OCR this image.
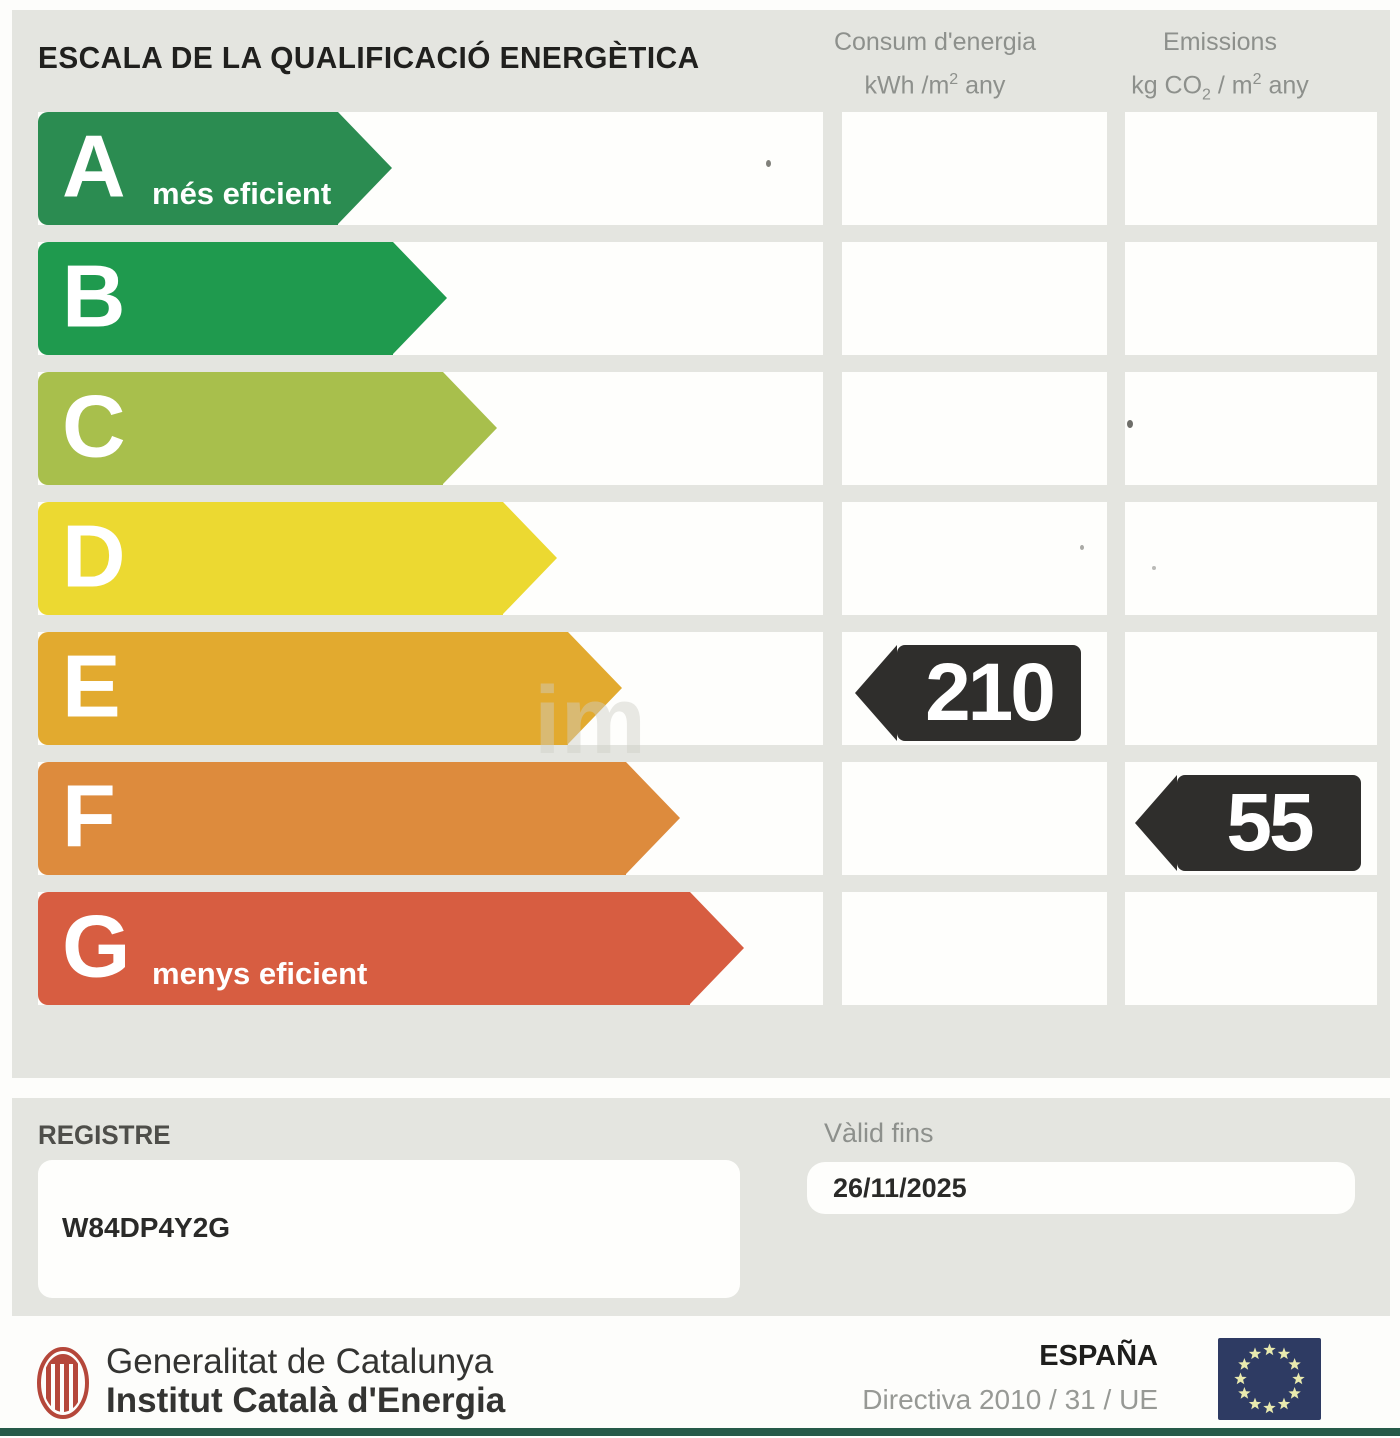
ESCALA DE LA QUALIFICACIÓ ENERGÈTICA	Consum d'energia
kWh $/m^2$ any
Emissions
kg $CO_2 / m^2$ any
A més eficient
B
C
D
E
F
G menys eficient
210
55
im
REGISTRE
W84DP4Y2G
Vàlid fins
26/11/2025
Generalitat de Catalunya
Institut Català d'Energia
ESPAÑA
Directiva 2010 / 31 / UE
